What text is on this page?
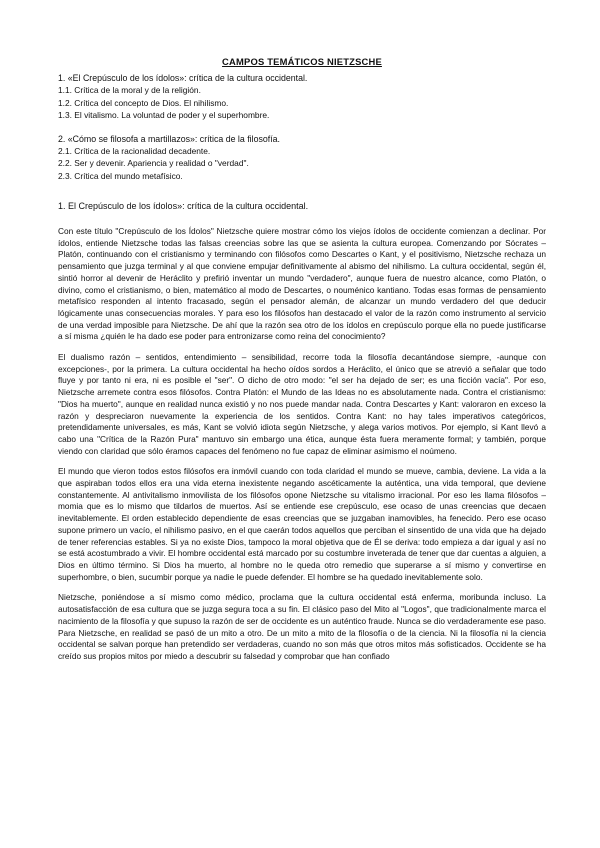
CAMPOS TEMÁTICOS NIETZSCHE
1. «El Crepúsculo de los ídolos»: crítica de la cultura occidental.
1.1. Crítica de la moral y de la religión.
1.2. Crítica del concepto de Dios. El nihilismo.
1.3. El vitalismo. La voluntad de poder y el superhombre.
2. «Cómo se filosofa a martillazos»: crítica de la filosofía.
2.1. Crítica de la racionalidad decadente.
2.2. Ser y devenir. Apariencia y realidad o "verdad".
2.3. Crítica del mundo metafísico.
1. El Crepúsculo de los ídolos»: crítica de la cultura occidental.

Con este título "Crepúsculo de los Ídolos" Nietzsche quiere mostrar cómo los viejos ídolos de occidente comienzan a declinar. Por ídolos, entiende Nietzsche todas las falsas creencias sobre las que se asienta la cultura europea. Comenzando por Sócrates – Platón, continuando con el cristianismo y terminando con filósofos como Descartes o Kant, y el positivismo, Nietzsche rechaza un pensamiento que juzga terminal y al que conviene empujar definitivamente al abismo del nihilismo. La cultura occidental, según él, sintió horror al devenir de Heráclito y prefirió inventar un mundo "verdadero", aunque fuera de nuestro alcance, como Platón, o divino, como el cristianismo, o bien, matemático al modo de Descartes, o nouménico kantiano. Todas esas formas de pensamiento metafísico responden al intento fracasado, según el pensador alemán, de alcanzar un mundo verdadero del que deducir lógicamente unas consecuencias morales. Y para eso los filósofos han destacado el valor de la razón como instrumento al servicio de una verdad imposible para Nietzsche. De ahí que la razón sea otro de los ídolos en crepúsculo porque ella no puede justificarse a sí misma ¿quién le ha dado ese poder para entronizarse como reina del conocimiento?

El dualismo razón – sentidos, entendimiento – sensibilidad, recorre toda la filosofía decantándose siempre, -aunque con excepciones-, por la primera. La cultura occidental ha hecho oídos sordos a Heráclito, el único que se atrevió a señalar que todo fluye y por tanto ni era, ni es posible el "ser". O dicho de otro modo: "el ser ha dejado de ser; es una ficción vacía". Por eso, Nietzsche arremete contra esos filósofos. Contra Platón: el Mundo de las Ideas no es absolutamente nada. Contra el cristianismo: "Dios ha muerto", aunque en realidad nunca existió y no nos puede mandar nada. Contra Descartes y Kant: valoraron en exceso la razón y despreciaron nuevamente la experiencia de los sentidos. Contra Kant: no hay tales imperativos categóricos, pretendidamente universales, es más, Kant se volvió idiota según Nietzsche, y alega varios motivos. Por ejemplo, si Kant llevó a cabo una "Crítica de la Razón Pura" mantuvo sin embargo una ética, aunque ésta fuera meramente formal; y también, porque viendo con claridad que sólo éramos capaces del fenómeno no fue capaz de eliminar asimismo el noúmeno.

El mundo que vieron todos estos filósofos era inmóvil cuando con toda claridad el mundo se mueve, cambia, deviene. La vida a la que aspiraban todos ellos era una vida eterna inexistente negando ascéticamente la auténtica, una vida temporal, que deviene constantemente. Al antivitalismo inmovilista de los filósofos opone Nietzsche su vitalismo irracional. Por eso les llama filósofos – momia que es lo mismo que tildarlos de muertos. Así se entiende ese crepúsculo, ese ocaso de unas creencias que decaen inevitablemente. El orden establecido dependiente de esas creencias que se juzgaban inamovibles, ha fenecido. Pero ese ocaso supone primero un vacío, el nihilismo pasivo, en el que caerán todos aquellos que perciban el sinsentido de una vida que ha dejado de tener referencias estables. Si ya no existe Dios, tampoco la moral objetiva que de Él se deriva: todo empieza a dar igual y así no se está acostumbrado a vivir. El hombre occidental está marcado por su costumbre inveterada de tener que dar cuentas a alguien, a Dios en último término. Si Dios ha muerto, al hombre no le queda otro remedio que superarse a sí mismo y convertirse en superhombre, o bien, sucumbir porque ya nadie le puede defender. El hombre se ha quedado inevitablemente solo.

Nietzsche, poniéndose a sí mismo como médico, proclama que la cultura occidental está enferma, moribunda incluso. La autosatisfacción de esa cultura que se juzga segura toca a su fin. El clásico paso del Mito al "Logos", que tradicionalmente marca el nacimiento de la filosofía y que supuso la razón de ser de occidente es un auténtico fraude. Nunca se dio verdaderamente ese paso. Para Nietzsche, en realidad se pasó de un mito a otro. De un mito a mito de la filosofía o de la ciencia. Ni la filosofía ni la ciencia occidental se salvan porque han pretendido ser verdaderas, cuando no son más que otros mitos más sofisticados. Occidente se ha creído sus propios mitos por miedo a descubrir su falsedad y comprobar que han confiado
